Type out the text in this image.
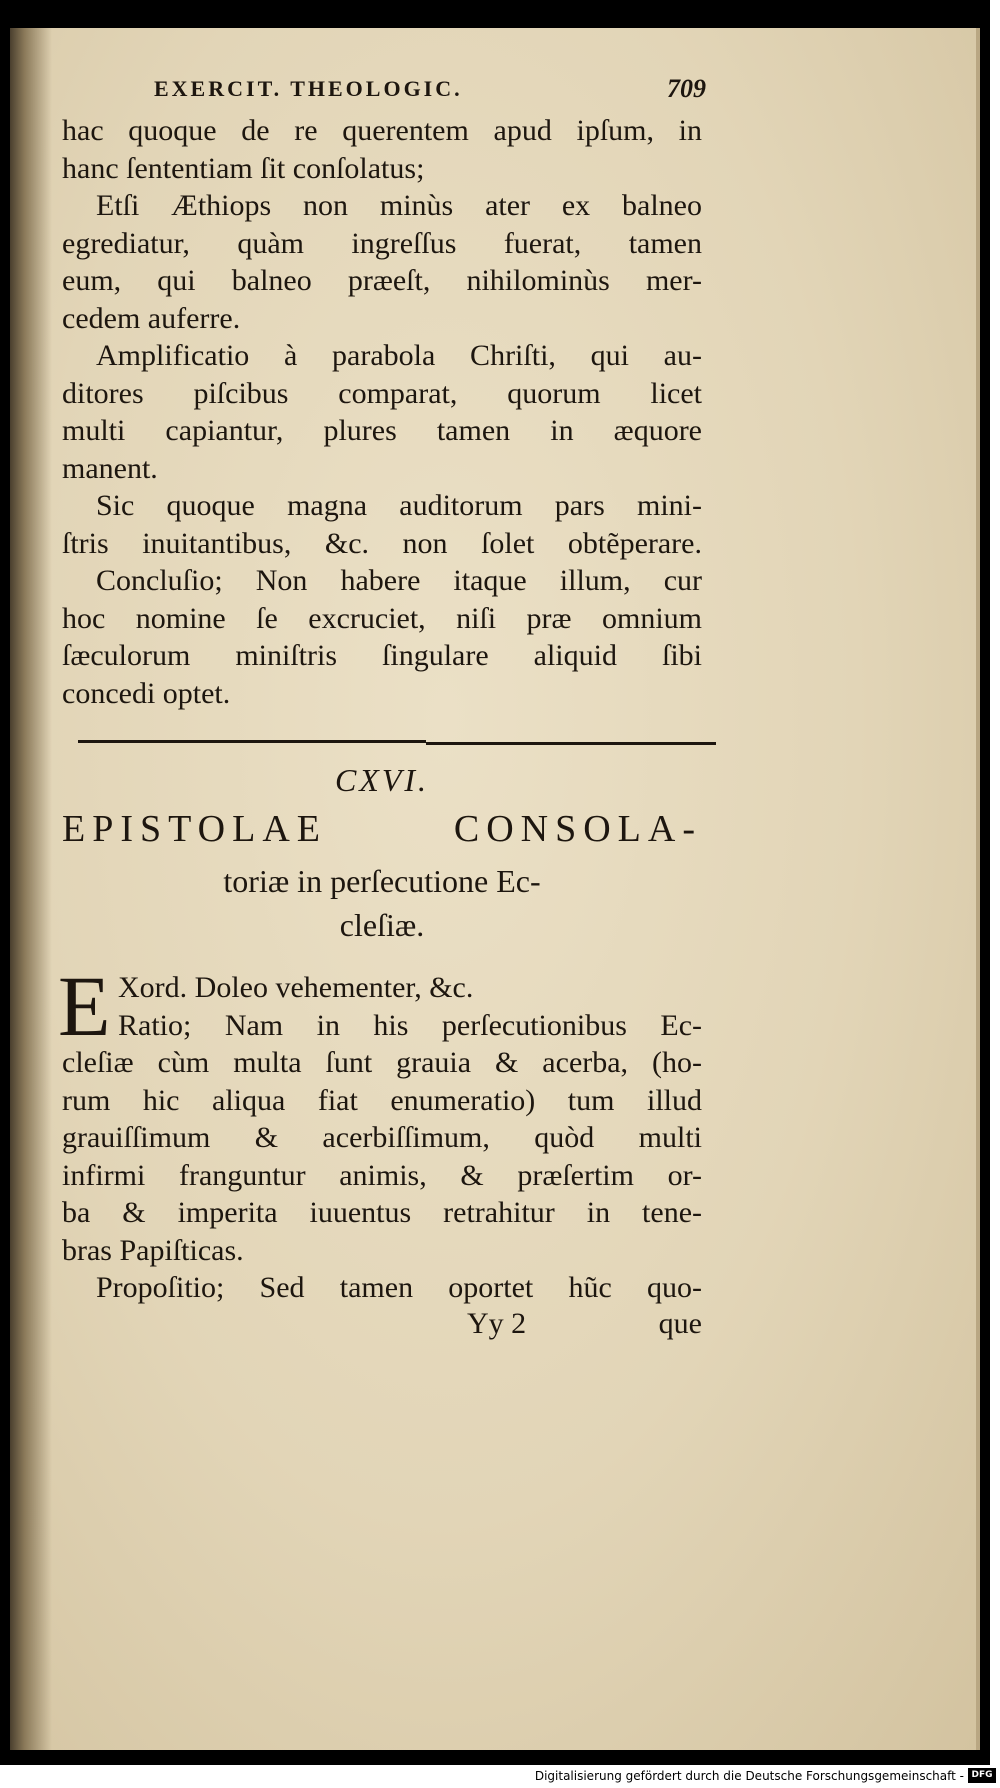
ЕXERCIT. THEOLOGIC.	709

hac quoque de re querentem apud ipſum, in
hanc ſententiam ſit conſolatus;

Etſi Æthiops non minùs ater ex balneo
egrediatur, quàm ingreſſus fuerat, tamen
eum, qui balneo præeſt, nihilominùs mer-
cedem auferre.

Amplificatio à parabola Chriſti, qui au-
ditores piſcibus comparat, quorum licet
multi capiantur, plures tamen in æquore
manent.

Sic quoque magna auditorum pars mini-
ſtris inuitantibus, &c. non ſolet obtẽperare.

Concluſio; Non habere itaque illum, cur
hoc nomine ſe excruciet, niſi præ omnium
ſæculorum miniſtris ſingulare aliquid ſibi
concedi optet.

CXVI.
EPISTOLAE	CONSOLA-
toriæ in perſecutione Ec-
cleſiæ.
E Xord. Doleo vehementer, &c.
Ratio; Nam in his perſecutionibus Ec-
cleſiæ cùm multa ſunt grauia & acerba, (ho-
rum hic aliqua fiat enumeratio) tum illud
grauiſſimum & acerbiſſimum, quòd multi
infirmi franguntur animis, & præſertim or-
ba & imperita iuuentus retrahitur in tene-
bras Papiſticas.

Propoſitio; Sed tamen oportet hũc quo-

Yy 2	que
Digitalisierung gefördert durch die Deutsche Forschungsgemeinschaft - DFG
